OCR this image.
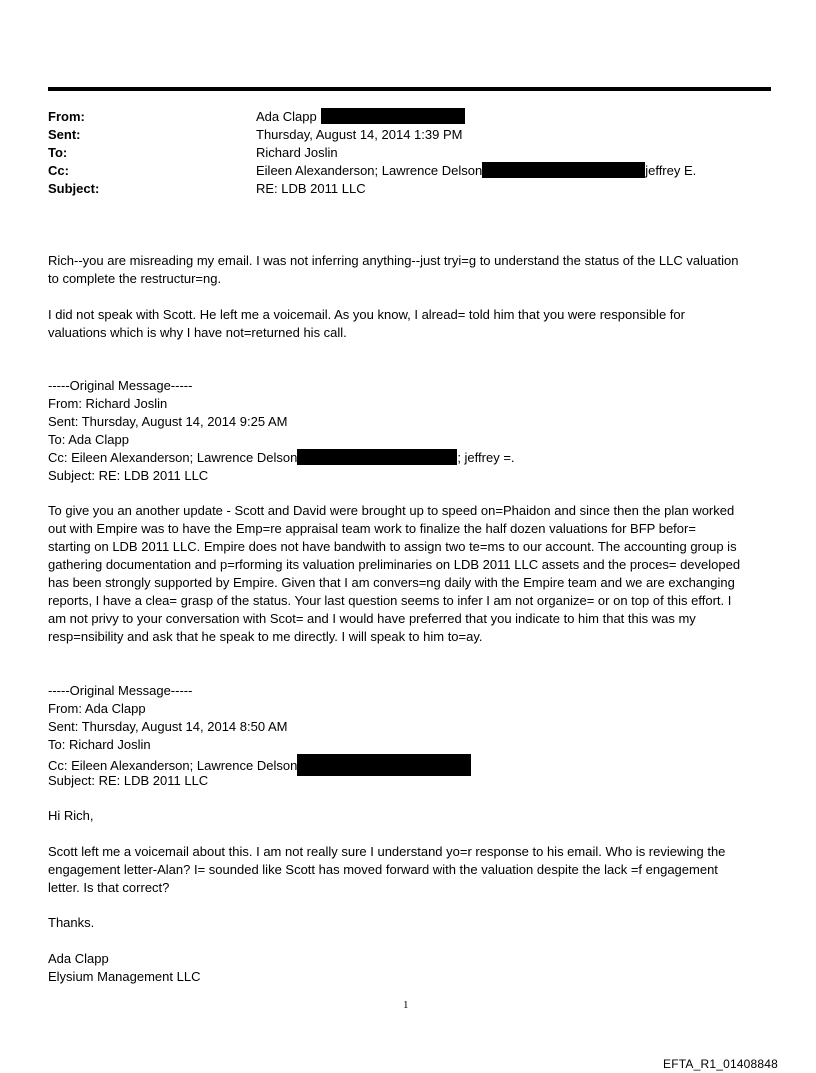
From:	Ada Clapp
Sent:	Thursday, August 14, 2014 1:39 PM
To:	Richard Joslin
Cc:	Eileen Alexanderson; Lawrence Delson	jeffrey E.
Subject:	RE: LDB 2011 LLC
Rich--you are misreading my email. I was not inferring anything--just tryi=g to understand the status of the LLC valuation
to complete the restructur=ng.
I did not speak with Scott. He left me a voicemail. As you know, I alread= told him that you were responsible for
valuations which is why I have not=returned his call.
-----Original Message-----
From: Richard Joslin
Sent: Thursday, August 14, 2014 9:25 AM
To: Ada Clapp
Cc: Eileen Alexanderson; Lawrence Delson	; jeffrey =.
Subject: RE: LDB 2011 LLC
To give you an another update - Scott and David were brought up to speed on=Phaidon and since then the plan worked
out with Empire was to have the Emp=re appraisal team work to finalize the half dozen valuations for BFP befor=
starting on LDB 2011 LLC. Empire does not have bandwith to assign two te=ms to our account. The accounting group is
gathering documentation and p=rforming its valuation preliminaries on LDB 2011 LLC assets and the proces= developed
has been strongly supported by Empire. Given that I am convers=ng daily with the Empire team and we are exchanging
reports, I have a clea= grasp of the status. Your last question seems to infer I am not organize= or on top of this effort. I
am not privy to your conversation with Scot= and I would have preferred that you indicate to him that this was my
resp=nsibility and ask that he speak to me directly. I will speak to him to=ay.
-----Original Message-----
From: Ada Clapp
Sent: Thursday, August 14, 2014 8:50 AM
To: Richard Joslin
Cc: Eileen Alexanderson; Lawrence Delson
Subject: RE: LDB 2011 LLC
Hi Rich,
Scott left me a voicemail about this. I am not really sure I understand yo=r response to his email. Who is reviewing the
engagement letter-Alan? I= sounded like Scott has moved forward with the valuation despite the lack =f engagement
letter. Is that correct?
Thanks.
Ada Clapp
Elysium Management LLC
1
EFTA_R1_01408848
